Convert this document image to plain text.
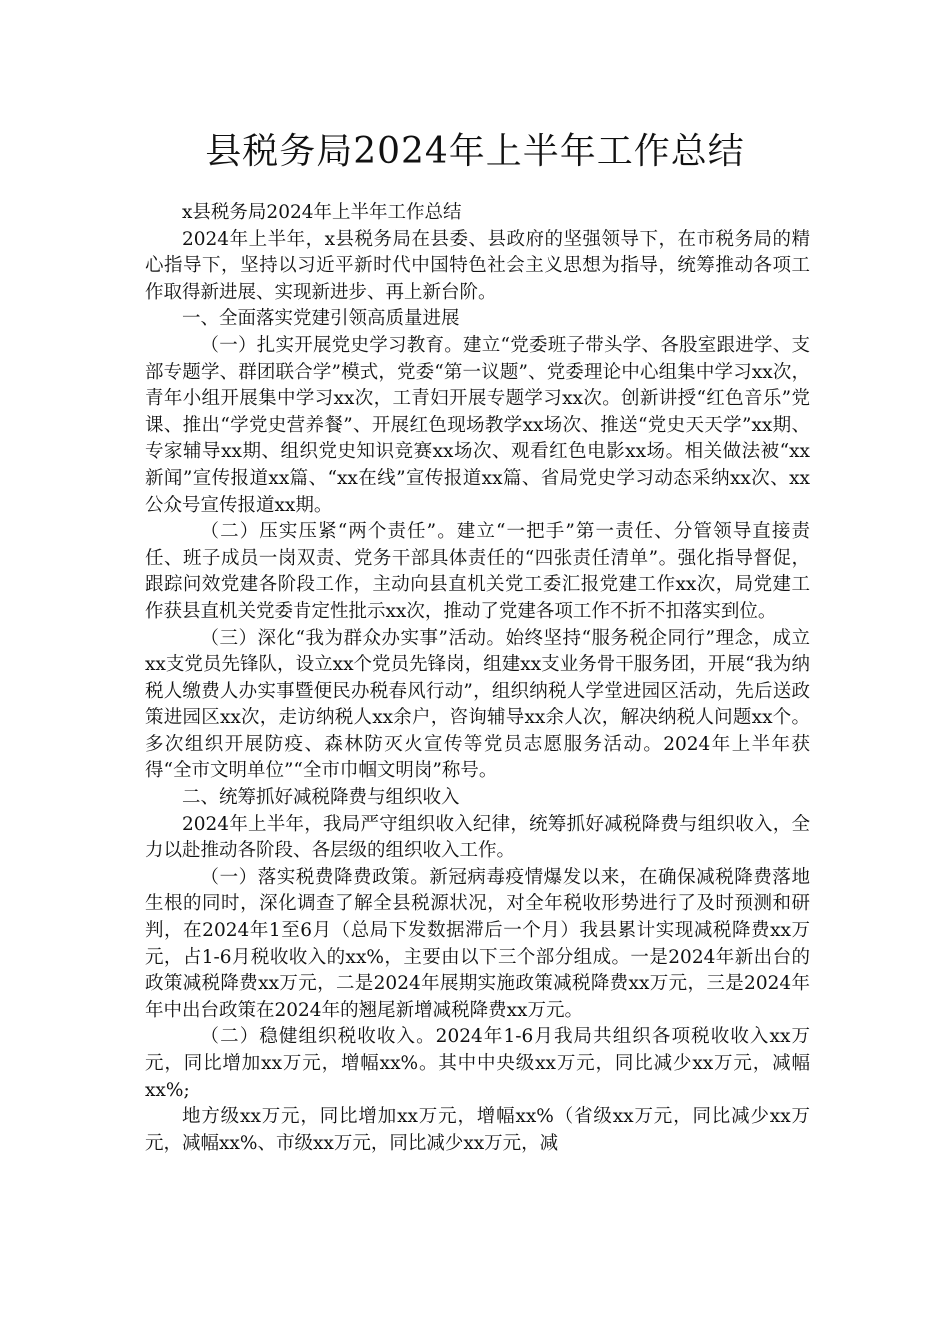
县税务局2024年上半年工作总结

x县税务局2024年上半年工作总结

2024年上半年，x县税务局在县委、县政府的坚强领导下，在市税务局的精心指导下，坚持以习近平新时代中国特色社会主义思想为指导，统筹推动各项工作取得新进展、实现新进步、再上新台阶。

一、全面落实党建引领高质量进展

（一）扎实开展党史学习教育。建立“党委班子带头学、各股室跟进学、支部专题学、群团联合学”模式，党委“第一议题”、党委理论中心组集中学习xx次，青年小组开展集中学习xx次，工青妇开展专题学习xx次。创新讲授“红色音乐”党课、推出“学党史营养餐”、开展红色现场教学xx场次、推送“党史天天学”xx期、专家辅导xx期、组织党史知识竞赛xx场次、观看红色电影xx场。相关做法被“xx新闻”宣传报道xx篇、“xx在线”宣传报道xx篇、省局党史学习动态采纳xx次、xx公众号宣传报道xx期。

（二）压实压紧“两个责任”。建立“一把手”第一责任、分管领导直接责任、班子成员一岗双责、党务干部具体责任的“四张责任清单”。强化指导督促，跟踪问效党建各阶段工作，主动向县直机关党工委汇报党建工作xx次，局党建工作获县直机关党委肯定性批示xx次，推动了党建各项工作不折不扣落实到位。

（三）深化“我为群众办实事”活动。始终坚持“服务税企同行”理念，成立xx支党员先锋队，设立xx个党员先锋岗，组建xx支业务骨干服务团，开展“我为纳税人缴费人办实事暨便民办税春风行动”，组织纳税人学堂进园区活动，先后送政策进园区xx次，走访纳税人xx余户，咨询辅导xx余人次，解决纳税人问题xx个。多次组织开展防疫、森林防灭火宣传等党员志愿服务活动。2024年上半年获得“全市文明单位”“全市巾帼文明岗”称号。

二、统筹抓好减税降费与组织收入

2024年上半年，我局严守组织收入纪律，统筹抓好减税降费与组织收入，全力以赴推动各阶段、各层级的组织收入工作。

（一）落实税费降费政策。新冠病毒疫情爆发以来，在确保减税降费落地生根的同时，深化调查了解全县税源状况，对全年税收形势进行了及时预测和研判，在2024年1至6月（总局下发数据滞后一个月）我县累计实现减税降费xx万元，占1-6月税收收入的xx%，主要由以下三个部分组成。一是2024年新出台的政策减税降费xx万元，二是2024年展期实施政策减税降费xx万元，三是2024年年中出台政策在2024年的翘尾新增减税降费xx万元。

（二）稳健组织税收收入。2024年1-6月我局共组织各项税收收入xx万元，同比增加xx万元，增幅xx%。其中中央级xx万元，同比减少xx万元，减幅xx%;

地方级xx万元，同比增加xx万元，增幅xx%（省级xx万元，同比减少xx万元，减幅xx%、市级xx万元，同比减少xx万元，减
